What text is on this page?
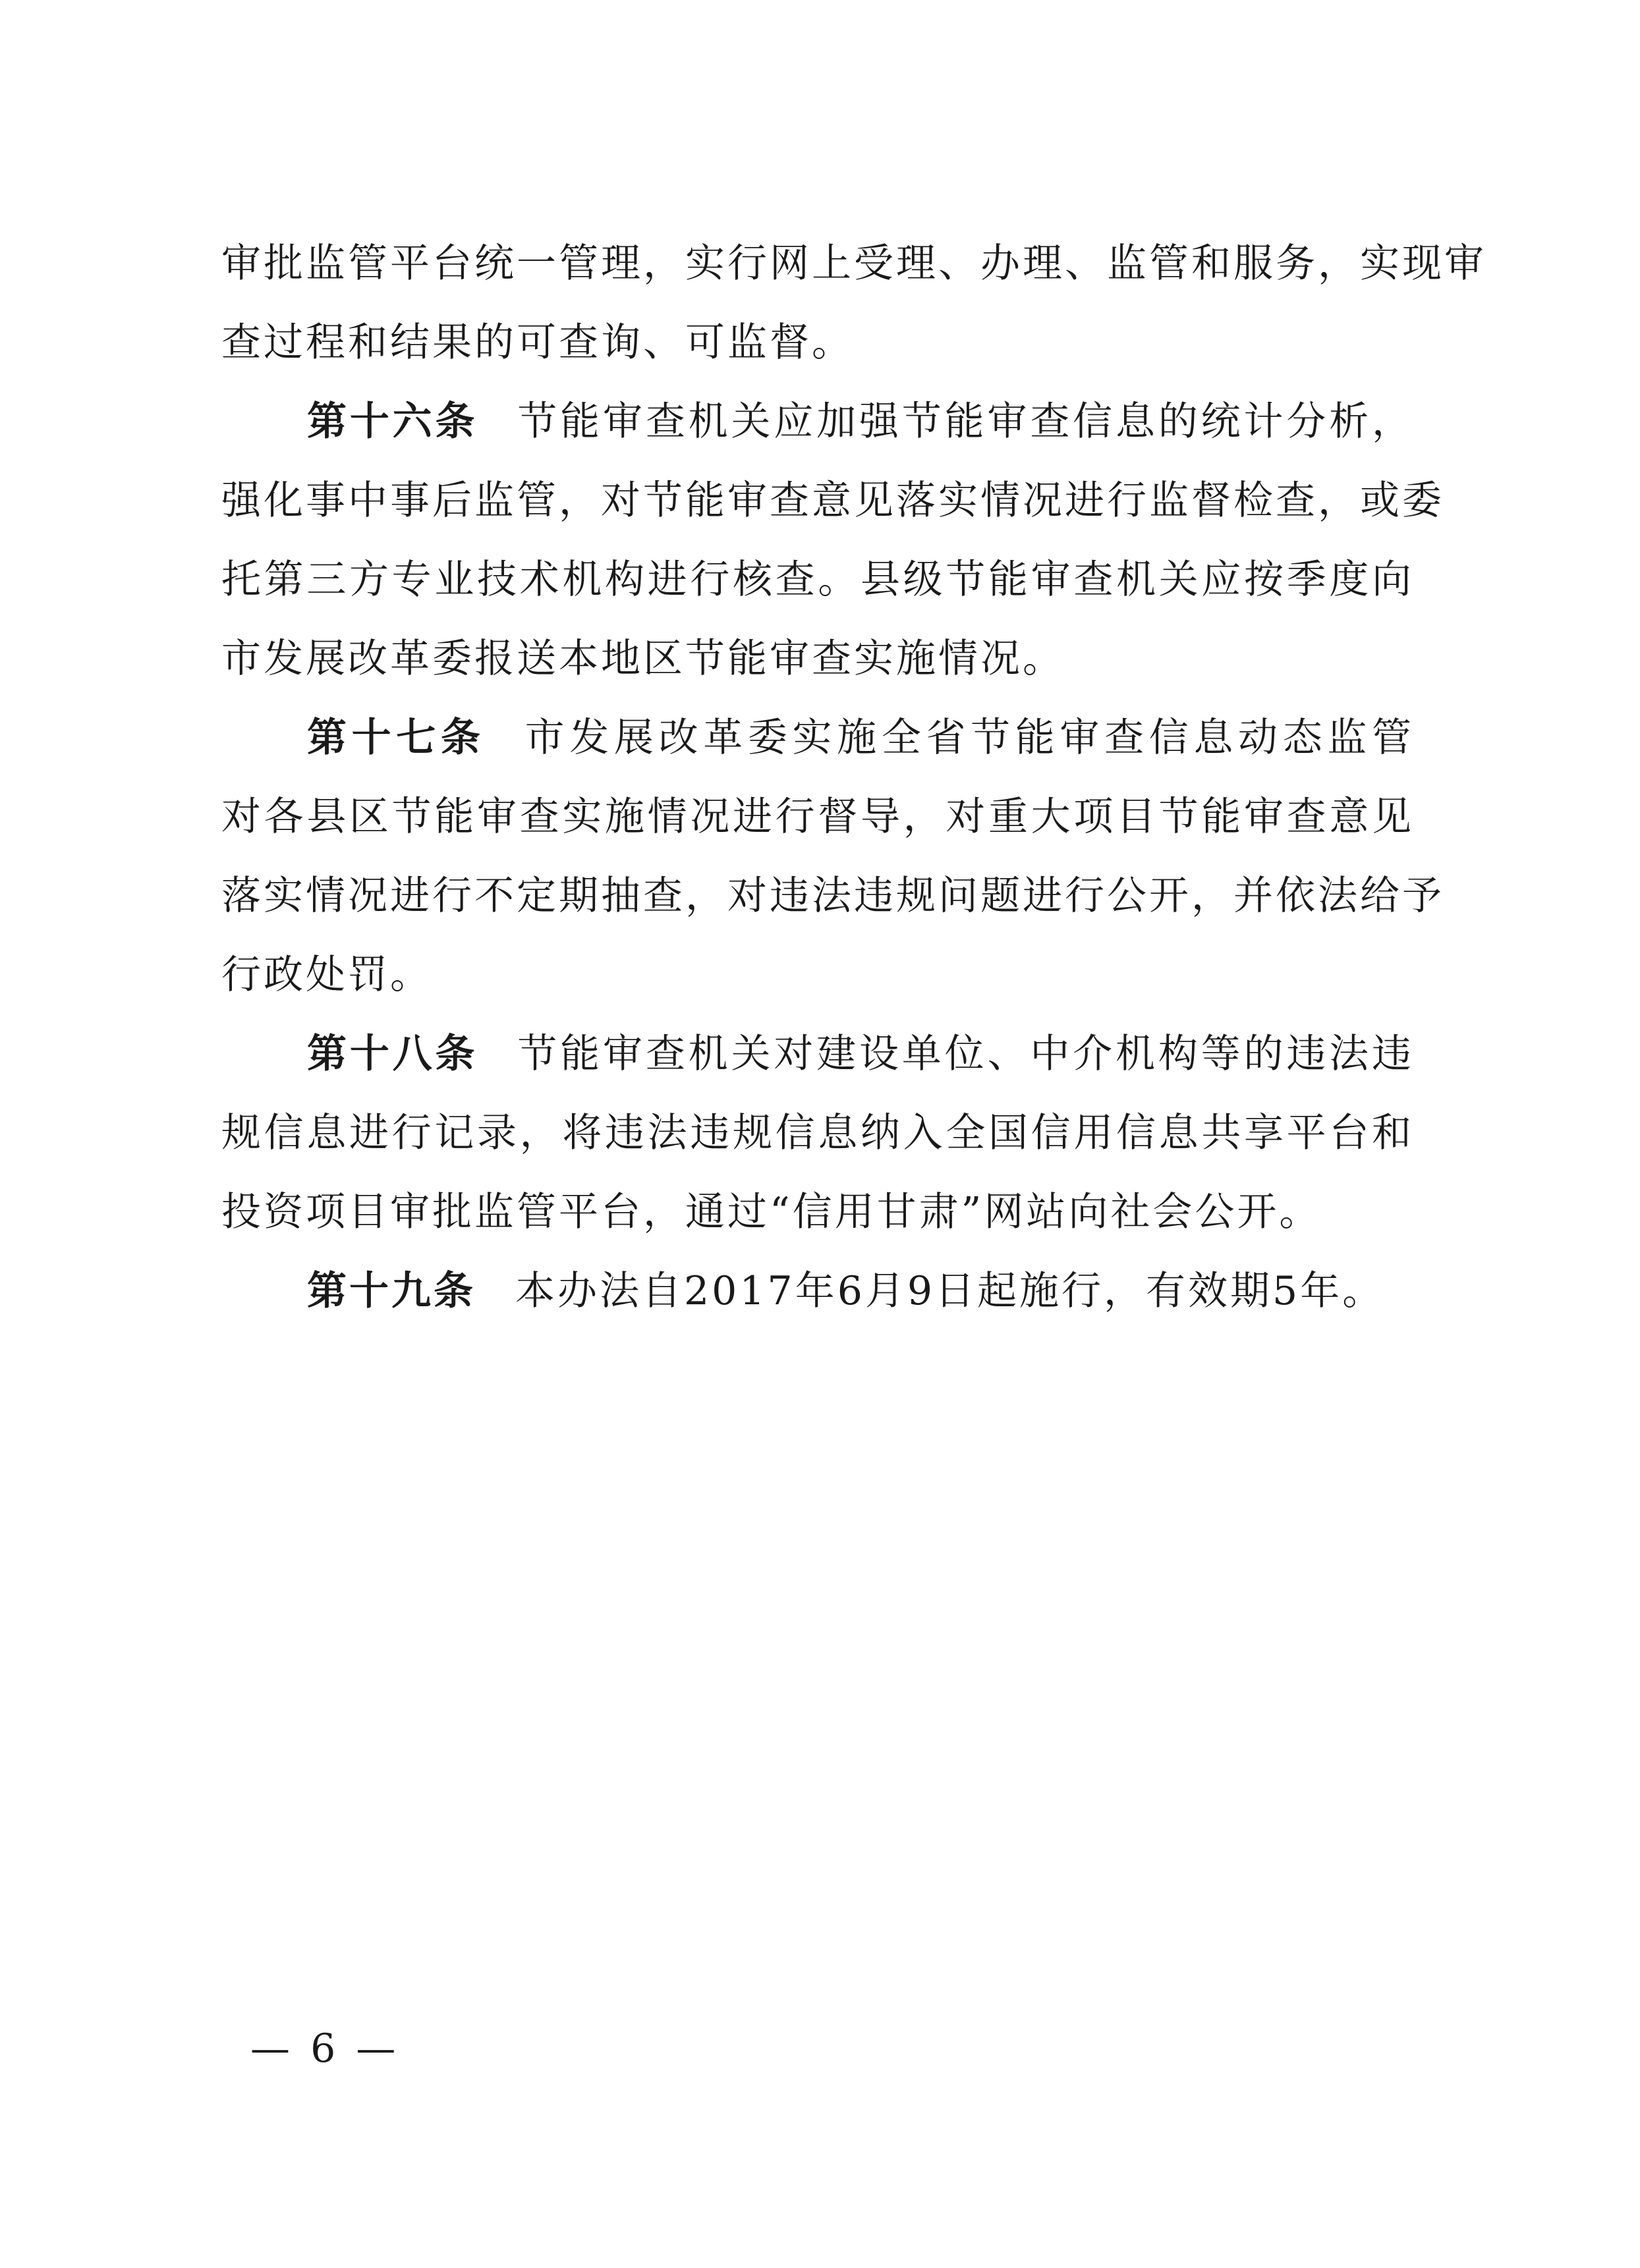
审批监管平台统一管理，实行网上受理、办理、监管和服务，实现审
查过程和结果的可查询、可监督。
第十六条 节能审查机关应加强节能审查信息的统计分析，
强化事中事后监管，对节能审查意见落实情况进行监督检查，或委
托第三方专业技术机构进行核查。县级节能审查机关应按季度向
市发展改革委报送本地区节能审查实施情况。
第十七条 市发展改革委实施全省节能审查信息动态监管
对各县区节能审查实施情况进行督导，对重大项目节能审查意见
落实情况进行不定期抽查，对违法违规问题进行公开，并依法给予
行政处罚。
第十八条 节能审查机关对建设单位、中介机构等的违法违
规信息进行记录，将违法违规信息纳入全国信用信息共享平台和
投资项目审批监管平台，通过“信用甘肃”网站向社会公开。
第十九条 本办法自2017年6月9日起施行，有效期5年。
— 6 —
